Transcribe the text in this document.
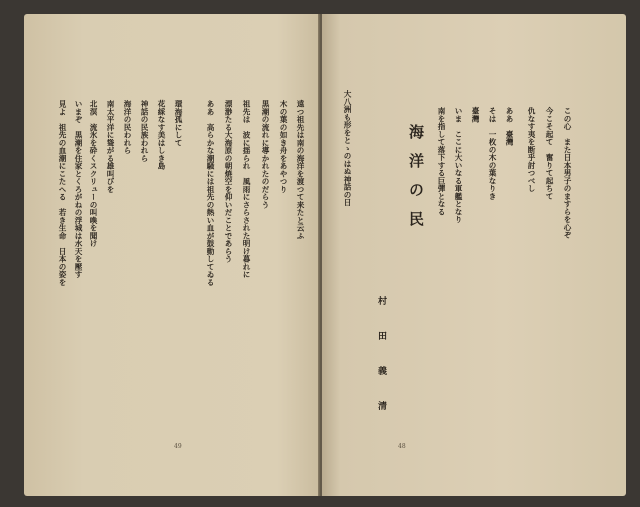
遠つ祖先は南の海洋を渡つて来たと云ふ
木の葉の如き舟をあやつり
黒潮の流れに導かれたのだらう
祖先は　波に揺られ　風雨にさらされた明け暮れに
漂渺たる大海原の朝焼空を仰いだことであらう
ああ　高らかな潮騒には祖先の熱い血が鼓動してゐる
環海孤にして
花綵なす美はしき島
神話の民族われら
海洋の民われら
南太平洋に聳がる雄叫びを
北溟　流氷を砕くスクリューの叫喚を聞け
いまぞ　黒潮を住家とくろがねの浮城は水天を壓す
見よ　祖先の血潮にこたへる　若き生命　日本の姿を
49
この心　また日本男子のますらを心ぞ
今こそ起て　奮りて起ちて
仇なす夷を断乎討つべし
ああ　臺灣
そは　一枚の木の葉なりき
臺灣
いま　ここに大いなる軍艦となり
南を指して落下する巨彈となる
海洋の民
大八洲も形をとゝのはぬ神話の日
村田義清
48
